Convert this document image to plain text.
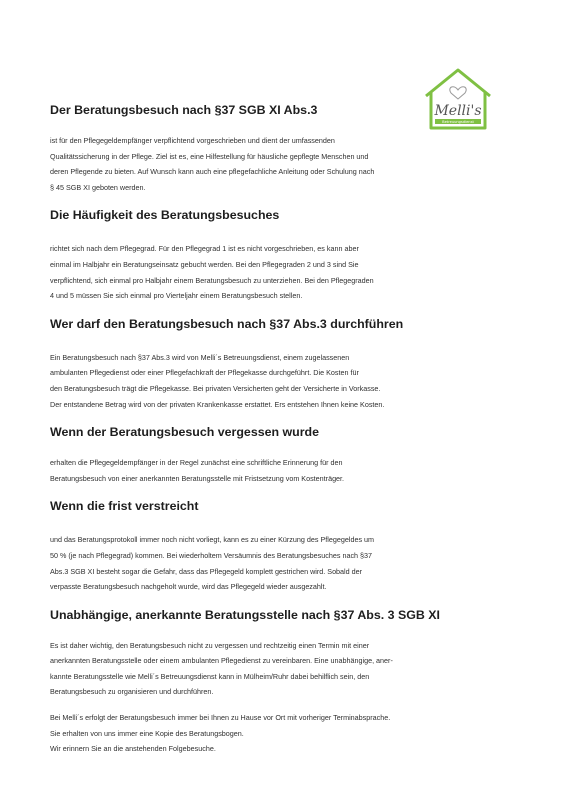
Melli's
Betreuungsdienst
Der Beratungsbesuch nach §37 SGB XI Abs.3

ist für den Pflegegeldempfänger verpflichtend vorgeschrieben und dient der umfassenden
Qualitätssicherung in der Pflege. Ziel ist es, eine Hilfestellung für häusliche gepflegte Menschen und
deren Pflegende zu bieten. Auf Wunsch kann auch eine pflegefachliche Anleitung oder Schulung nach
§ 45 SGB XI geboten werden.

Die Häufigkeit des Beratungsbesuches

richtet sich nach dem Pflegegrad. Für den Pflegegrad 1 ist es nicht vorgeschrieben, es kann aber
einmal im Halbjahr ein Beratungseinsatz gebucht werden. Bei den Pflegegraden 2 und 3 sind Sie
verpflichtend, sich einmal pro Halbjahr einem Beratungsbesuch zu unterziehen. Bei den Pflegegraden
4 und 5 müssen Sie sich einmal pro Vierteljahr einem Beratungsbesuch stellen.

Wer darf den Beratungsbesuch nach §37 Abs.3 durchführen

Ein Beratungsbesuch nach §37 Abs.3 wird von Melli´s Betreuungsdienst, einem zugelassenen
ambulanten Pflegedienst oder einer Pflegefachkraft der Pflegekasse durchgeführt. Die Kosten für
den Beratungsbesuch trägt die Pflegekasse. Bei privaten Versicherten geht der Versicherte in Vorkasse.
Der entstandene Betrag wird von der privaten Krankenkasse erstattet. Ers entstehen Ihnen keine Kosten.

Wenn der Beratungsbesuch vergessen wurde

erhalten die Pflegegeldempfänger in der Regel zunächst eine schriftliche Erinnerung für den
Beratungsbesuch von einer anerkannten Beratungsstelle mit Fristsetzung vom Kostenträger.

Wenn die frist verstreicht

und das Beratungsprotokoll immer noch nicht vorliegt, kann es zu einer Kürzung des Pflegegeldes um
50 % (je nach Pflegegrad) kommen. Bei wiederholtem Versäumnis des Beratungsbesuches nach §37
Abs.3 SGB XI besteht sogar die Gefahr, dass das Pflegegeld komplett gestrichen wird. Sobald der
verpasste Beratungsbesuch nachgeholt wurde, wird das Pflegegeld wieder ausgezahlt.

Unabhängige, anerkannte Beratungsstelle nach §37 Abs. 3 SGB XI

Es ist daher wichtig, den Beratungsbesuch nicht zu vergessen und rechtzeitig einen Termin mit einer
anerkannten Beratungsstelle oder einem ambulanten Pflegedienst zu vereinbaren. Eine unabhängige, aner-
kannte Beratungsstelle wie Melli´s Betreuungsdienst kann in Mülheim/Ruhr dabei behilflich sein, den
Beratungsbesuch zu organisieren und durchführen.

Bei Melli´s erfolgt der Beratungsbesuch immer bei Ihnen zu Hause vor Ort mit vorheriger Terminabsprache.
Sie erhalten von uns immer eine Kopie des Beratungsbogen.
Wir erinnern Sie an die anstehenden Folgebesuche.
